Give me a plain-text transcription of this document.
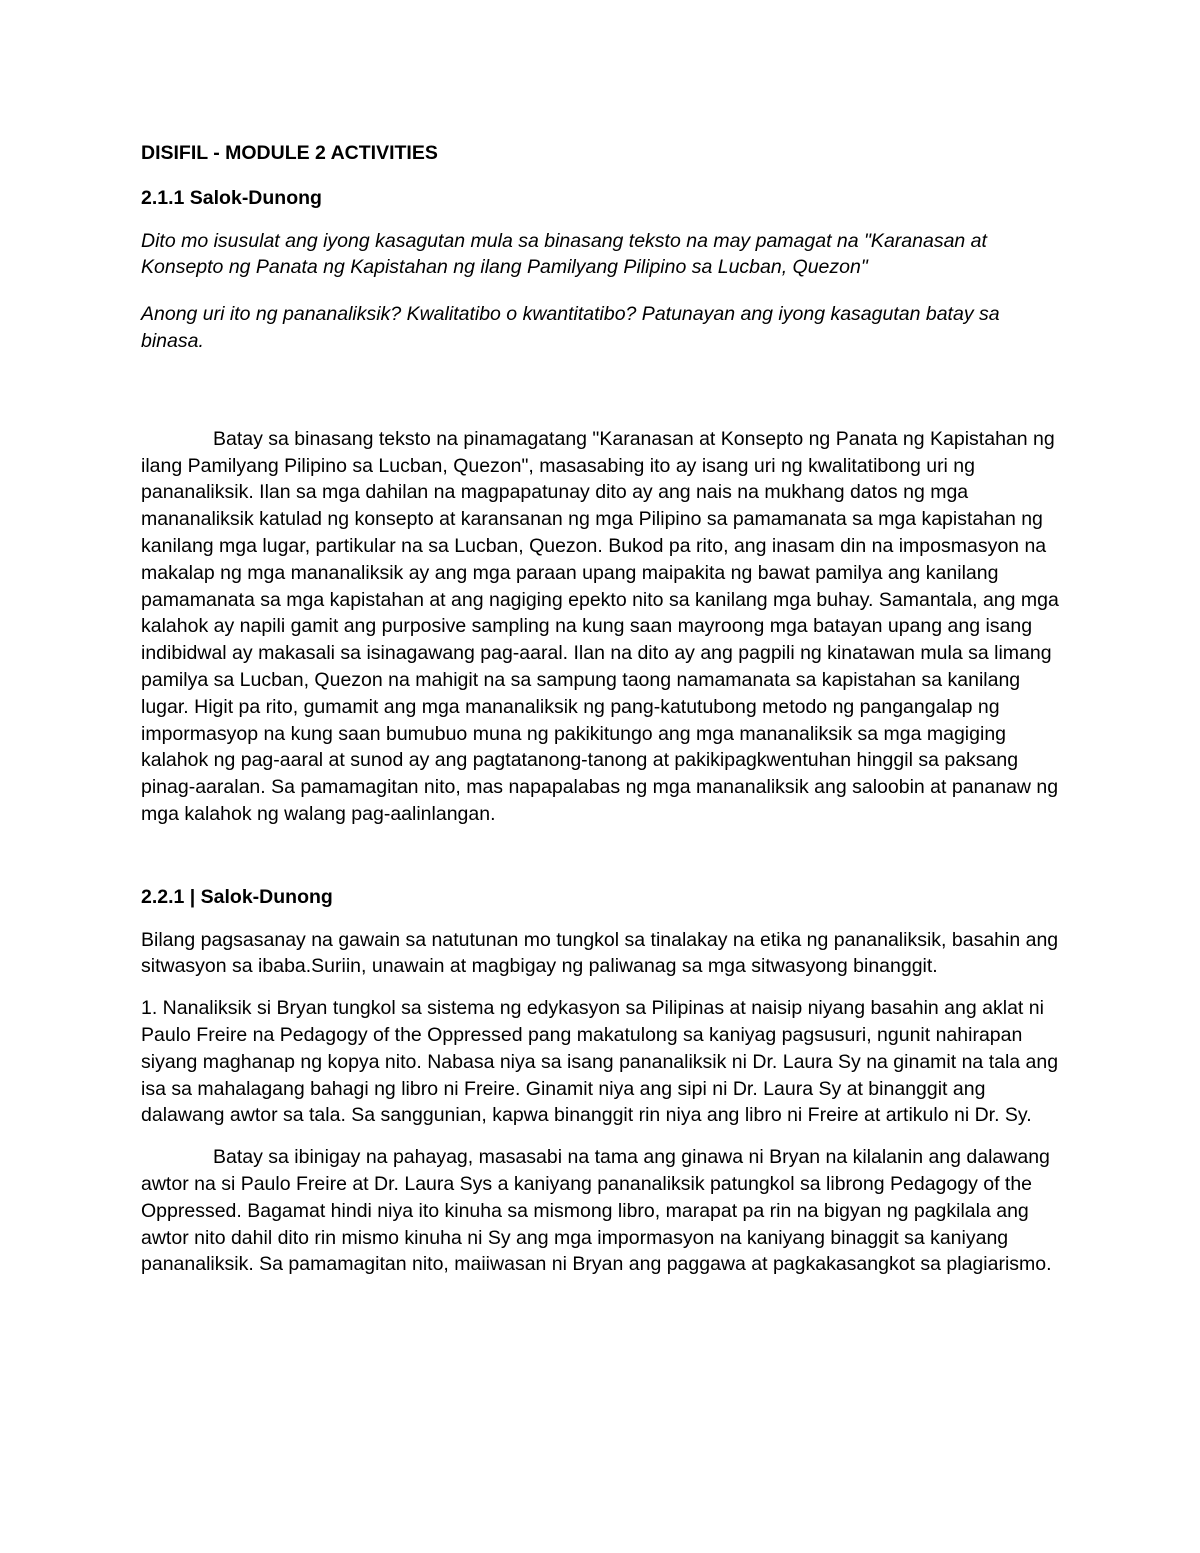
DISIFIL - MODULE 2 ACTIVITIES

2.1.1 Salok-Dunong

Dito mo isusulat ang iyong kasagutan mula sa binasang teksto na may pamagat na "Karanasan at Konsepto ng Panata ng Kapistahan ng ilang Pamilyang Pilipino sa Lucban, Quezon"

Anong uri ito ng pananaliksik? Kwalitatibo o kwantitatibo? Patunayan ang iyong kasagutan batay sa binasa.

Batay sa binasang teksto na pinamagatang "Karanasan at Konsepto ng Panata ng Kapistahan ng ilang Pamilyang Pilipino sa Lucban, Quezon", masasabing ito ay isang uri ng kwalitatibong uri ng pananaliksik. Ilan sa mga dahilan na magpapatunay dito ay ang nais na mukhang datos ng mga mananaliksik katulad ng konsepto at karansanan ng mga Pilipino sa pamamanata sa mga kapistahan ng kanilang mga lugar, partikular na sa Lucban, Quezon. Bukod pa rito, ang inasam din na imposmasyon na makalap ng mga mananaliksik ay ang mga paraan upang maipakita ng bawat pamilya ang kanilang pamamanata sa mga kapistahan at ang nagiging epekto nito sa kanilang mga buhay. Samantala, ang mga kalahok ay napili gamit ang purposive sampling na kung saan mayroong mga batayan upang ang isang indibidwal ay makasali sa isinagawang pag-aaral. Ilan na dito ay ang pagpili ng kinatawan mula sa limang pamilya sa Lucban, Quezon na mahigit na sa sampung taong namamanata sa kapistahan sa kanilang lugar. Higit pa rito, gumamit ang mga mananaliksik ng pang-katutubong metodo ng pangangalap ng impormasyop na kung saan bumubuo muna ng pakikitungo ang mga mananaliksik sa mga magiging kalahok ng pag-aaral at sunod ay ang pagtatanong-tanong at pakikipagkwentuhan hinggil sa paksang pinag-aaralan. Sa pamamagitan nito, mas napapalabas ng mga mananaliksik ang saloobin at pananaw ng mga kalahok ng walang pag-aalinlangan.

2.2.1 | Salok-Dunong

Bilang pagsasanay na gawain sa natutunan mo tungkol sa tinalakay na etika ng pananaliksik, basahin ang sitwasyon sa ibaba.Suriin, unawain at magbigay ng paliwanag sa mga sitwasyong binanggit.

1. Nanaliksik si Bryan tungkol sa sistema ng edykasyon sa Pilipinas at naisip niyang basahin ang aklat ni Paulo Freire na Pedagogy of the Oppressed pang makatulong sa kaniyag pagsusuri, ngunit nahirapan siyang maghanap ng kopya nito. Nabasa niya sa isang pananaliksik ni Dr. Laura Sy na ginamit na tala ang isa sa mahalagang bahagi ng libro ni Freire. Ginamit niya ang sipi ni Dr. Laura Sy at binanggit ang dalawang awtor sa tala. Sa sanggunian, kapwa binanggit rin niya ang libro ni Freire at artikulo ni Dr. Sy.

Batay sa ibinigay na pahayag, masasabi na tama ang ginawa ni Bryan na kilalanin ang dalawang awtor na si Paulo Freire at Dr. Laura Sys a kaniyang pananaliksik patungkol sa librong Pedagogy of the Oppressed. Bagamat hindi niya ito kinuha sa mismong libro, marapat pa rin na bigyan ng pagkilala ang awtor nito dahil dito rin mismo kinuha ni Sy ang mga impormasyon na kaniyang binaggit sa kaniyang pananaliksik. Sa pamamagitan nito, maiiwasan ni Bryan ang paggawa at pagkakasangkot sa plagiarismo.
